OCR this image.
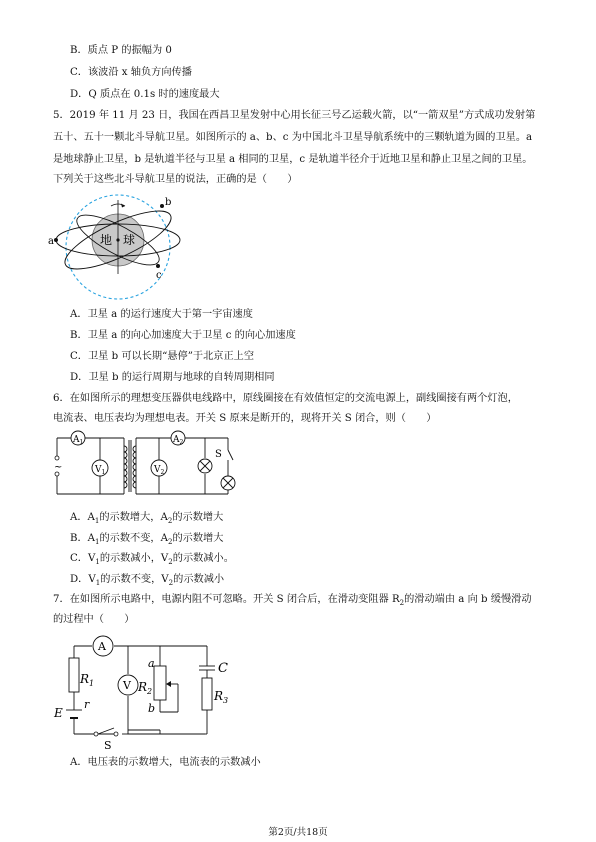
B．质点 P 的振幅为 0
C．该波沿 x 轴负方向传播
D．Q 质点在 0.1s 时的速度最大
5．2019 年 11 月 23 日，我国在西昌卫星发射中心用长征三号乙运载火箭，以“一箭双星”方式成功发射第
五十、五十一颗北斗导航卫星。如图所示的 a、b、c 为中国北斗卫星导航系统中的三颗轨道为圆的卫星。a
是地球静止卫星，b 是轨道半径与卫星 a 相同的卫星，c 是轨道半径介于近地卫星和静止卫星之间的卫星。
下列关于这些北斗导航卫星的说法，正确的是（　　）
a
b
c
地 球
A．卫星 a 的运行速度大于第一宇宙速度
B．卫星 a 的向心加速度大于卫星 c 的向心加速度
C．卫星 b 可以长期“悬停”于北京正上空
D．卫星 b 的运行周期与地球的自转周期相同
6．在如图所示的理想变压器供电线路中，原线圈接在有效值恒定的交流电源上，副线圈接有两个灯泡，
电流表、电压表均为理想电表。开关 S 原来是断开的，现将开关 S 闭合，则（　　）
~
$A_1$
$V_1$
$A_2$
$V_2$
S
A．$A_1$的示数增大，$A_2$的示数增大
B．$A_1$的示数不变，$A_2$的示数增大
C．$V_1$的示数减小，$V_2$的示数减小。
D．$V_1$的示数不变，$V_2$的示数减小
7．在如图所示电路中，电源内阻不可忽略。开关 S 闭合后，在滑动变阻器 $R_2$的滑动端由 a 向 b 缓慢滑动
的过程中（　　）
A
$R_1$
E
r
S
V
a
b
$R_2$
C
$R_3$
A．电压表的示数增大，电流表的示数减小
第2页/共18页
